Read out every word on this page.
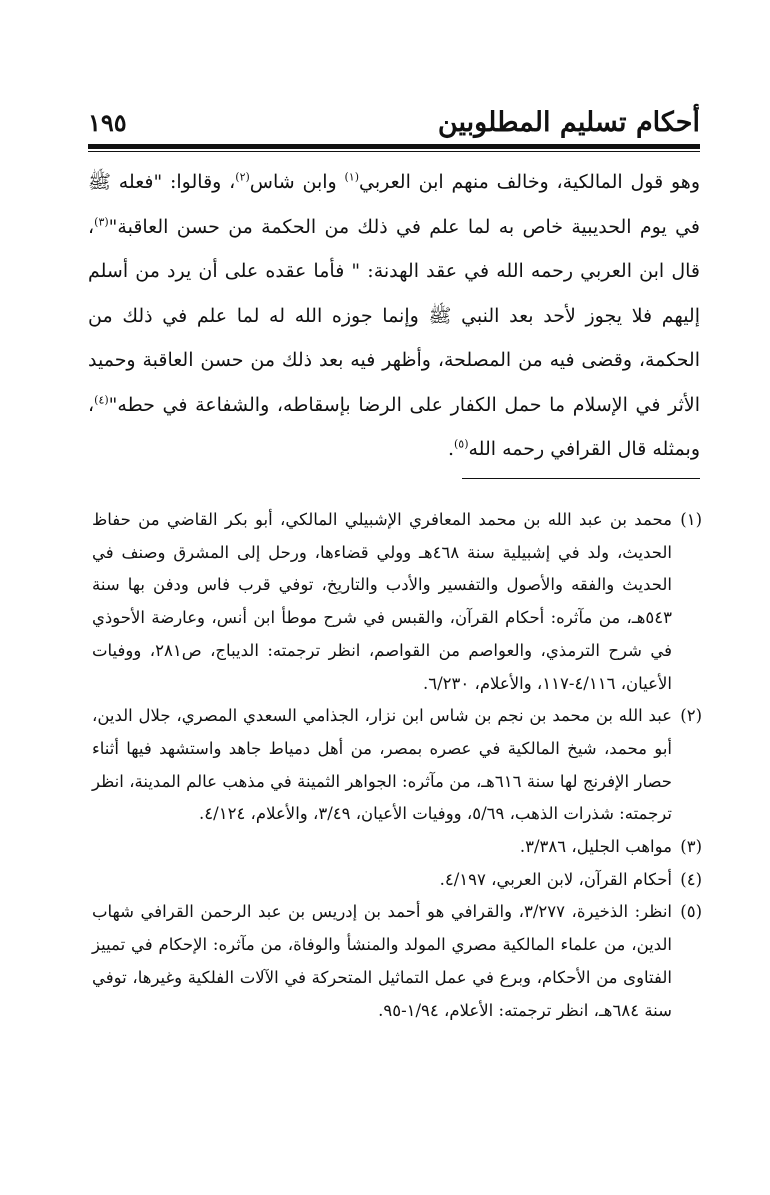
أحكام تسليم المطلوبين
١٩٥

وهو قول المالكية، وخالف منهم ابن العربي$^{(١)}$ وابن شاس$^{(٢)}$، وقالوا: "فعله ﷺ في يوم الحديبية خاص به لما علم في ذلك من الحكمة من حسن العاقبة"$^{(٣)}$، قال ابن العربي رحمه الله في عقد الهدنة: " فأما عقده على أن يرد من أسلم إليهم فلا يجوز لأحد بعد النبي ﷺ وإنما جوزه الله له لما علم في ذلك من الحكمة، وقضى فيه من المصلحة، وأظهر فيه بعد ذلك من حسن العاقبة وحميد الأثر في الإسلام ما حمل الكفار على الرضا بإسقاطه، والشفاعة في حطه"$^{(٤)}$، وبمثله قال القرافي رحمه الله$^{(٥)}$.

(١)محمد بن عبد الله بن محمد المعافري الإشبيلي المالكي، أبو بكر القاضي من حفاظ الحديث، ولد في إشبيلية سنة ٤٦٨هـ وولي قضاءها، ورحل إلى المشرق وصنف في الحديث والفقه والأصول والتفسير والأدب والتاريخ، توفي قرب فاس ودفن بها سنة ٥٤٣هـ، من مآثره: أحكام القرآن، والقبس في شرح موطأ ابن أنس، وعارضة الأحوذي في شرح الترمذي، والعواصم من القواصم، انظر ترجمته: الديباج، ص٢٨١، ووفيات الأعيان، ٤/١١٦-١١٧، والأعلام، ٦/٢٣٠.

(٢)عبد الله بن محمد بن نجم بن شاس ابن نزار، الجذامي السعدي المصري، جلال الدين، أبو محمد، شيخ المالكية في عصره بمصر، من أهل دمياط جاهد واستشهد فيها أثناء حصار الإفرنج لها سنة ٦١٦هـ، من مآثره: الجواهر الثمينة في مذهب عالم المدينة، انظر ترجمته: شذرات الذهب، ٥/٦٩، ووفيات الأعيان، ٣/٤٩، والأعلام، ٤/١٢٤.

(٣)مواهب الجليل، ٣/٣٨٦.

(٤)أحكام القرآن، لابن العربي، ٤/١٩٧.

(٥)انظر: الذخيرة، ٣/٢٧٧، والقرافي هو أحمد بن إدريس بن عبد الرحمن القرافي شهاب الدين، من علماء المالكية مصري المولد والمنشأ والوفاة، من مآثره: الإحكام في تمييز الفتاوى من الأحكام، وبرع في عمل التماثيل المتحركة في الآلات الفلكية وغيرها، توفي سنة ٦٨٤هـ، انظر ترجمته: الأعلام، ١/٩٤-٩٥.
